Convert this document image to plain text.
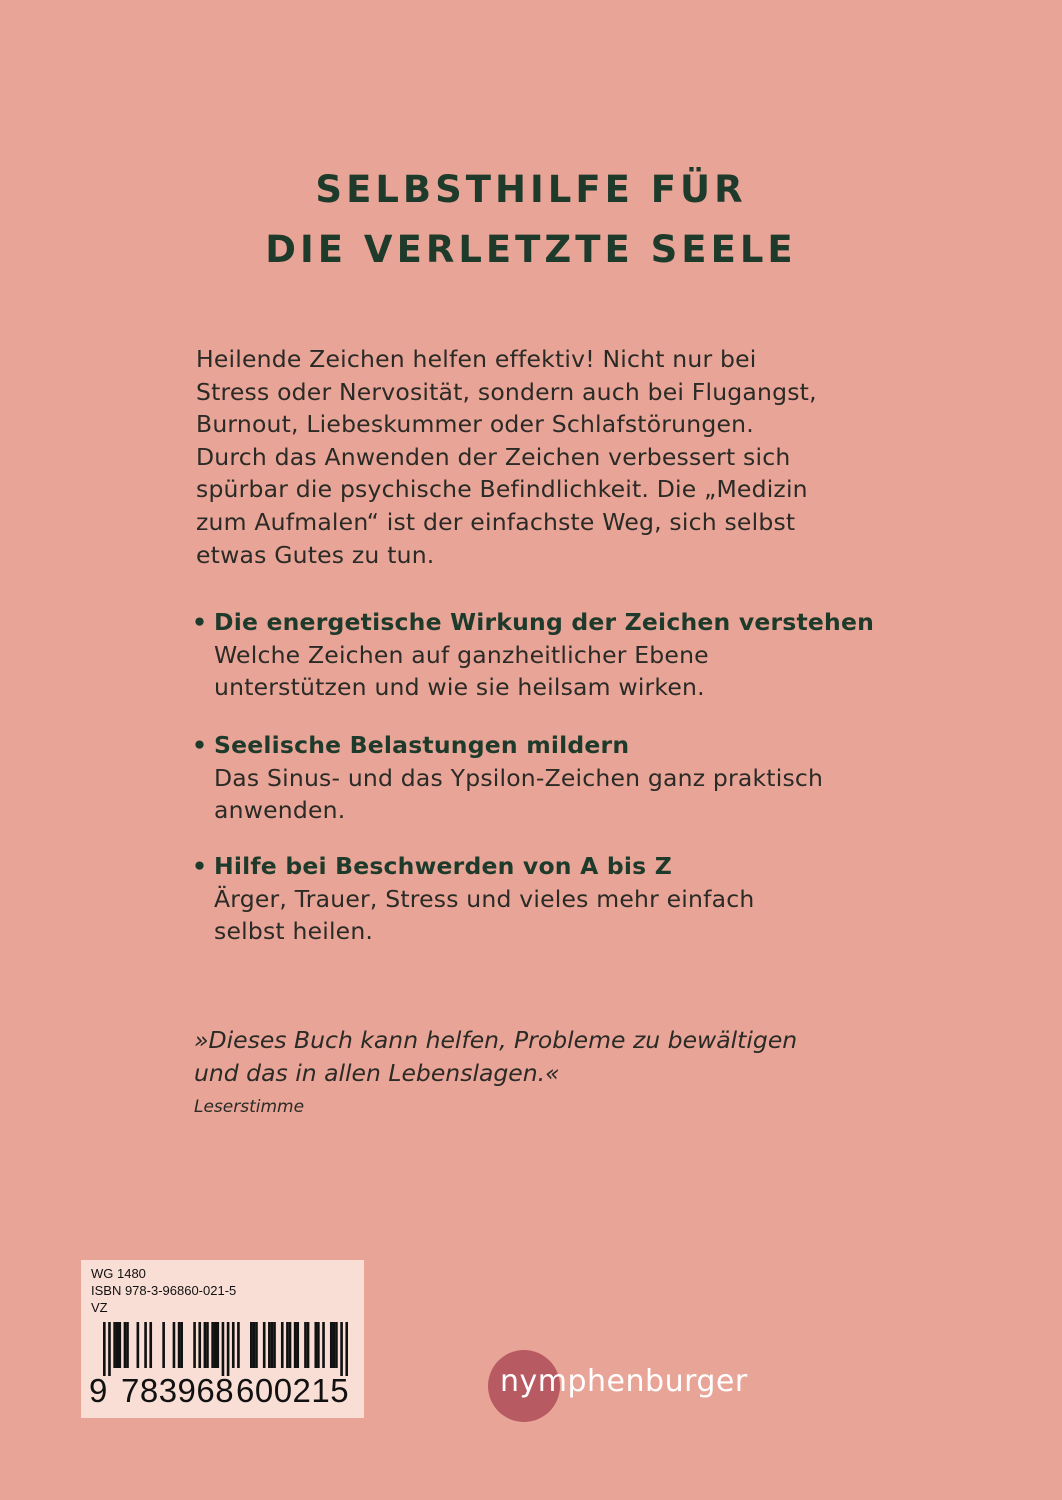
SELBSTHILFE FÜR
DIE VERLETZTE SEELE

Heilende Zeichen helfen effektiv! Nicht nur bei
Stress oder Nervosität, sondern auch bei Flugangst,
Burnout, Liebeskummer oder Schlafstörungen.
Durch das Anwenden der Zeichen verbessert sich
spürbar die psychische Befindlichkeit. Die „Medizin
zum Aufmalen“ ist der einfachste Weg, sich selbst
etwas Gutes zu tun.

• Die energetische Wirkung der Zeichen verstehen
Welche Zeichen auf ganzheitlicher Ebene
unterstützen und wie sie heilsam wirken.
• Seelische Belastungen mildern
Das Sinus- und das Ypsilon-Zeichen ganz praktisch
anwenden.
• Hilfe bei Beschwerden von A bis Z
Ärger, Trauer, Stress und vieles mehr einfach
selbst heilen.
»Dieses Buch kann helfen, Probleme zu bewältigen
und das in allen Lebenslagen.«
Leserstimme
WG 1480
ISBN 978-3-96860-021-5
VZ
9 783968 600215	nymphenburger
